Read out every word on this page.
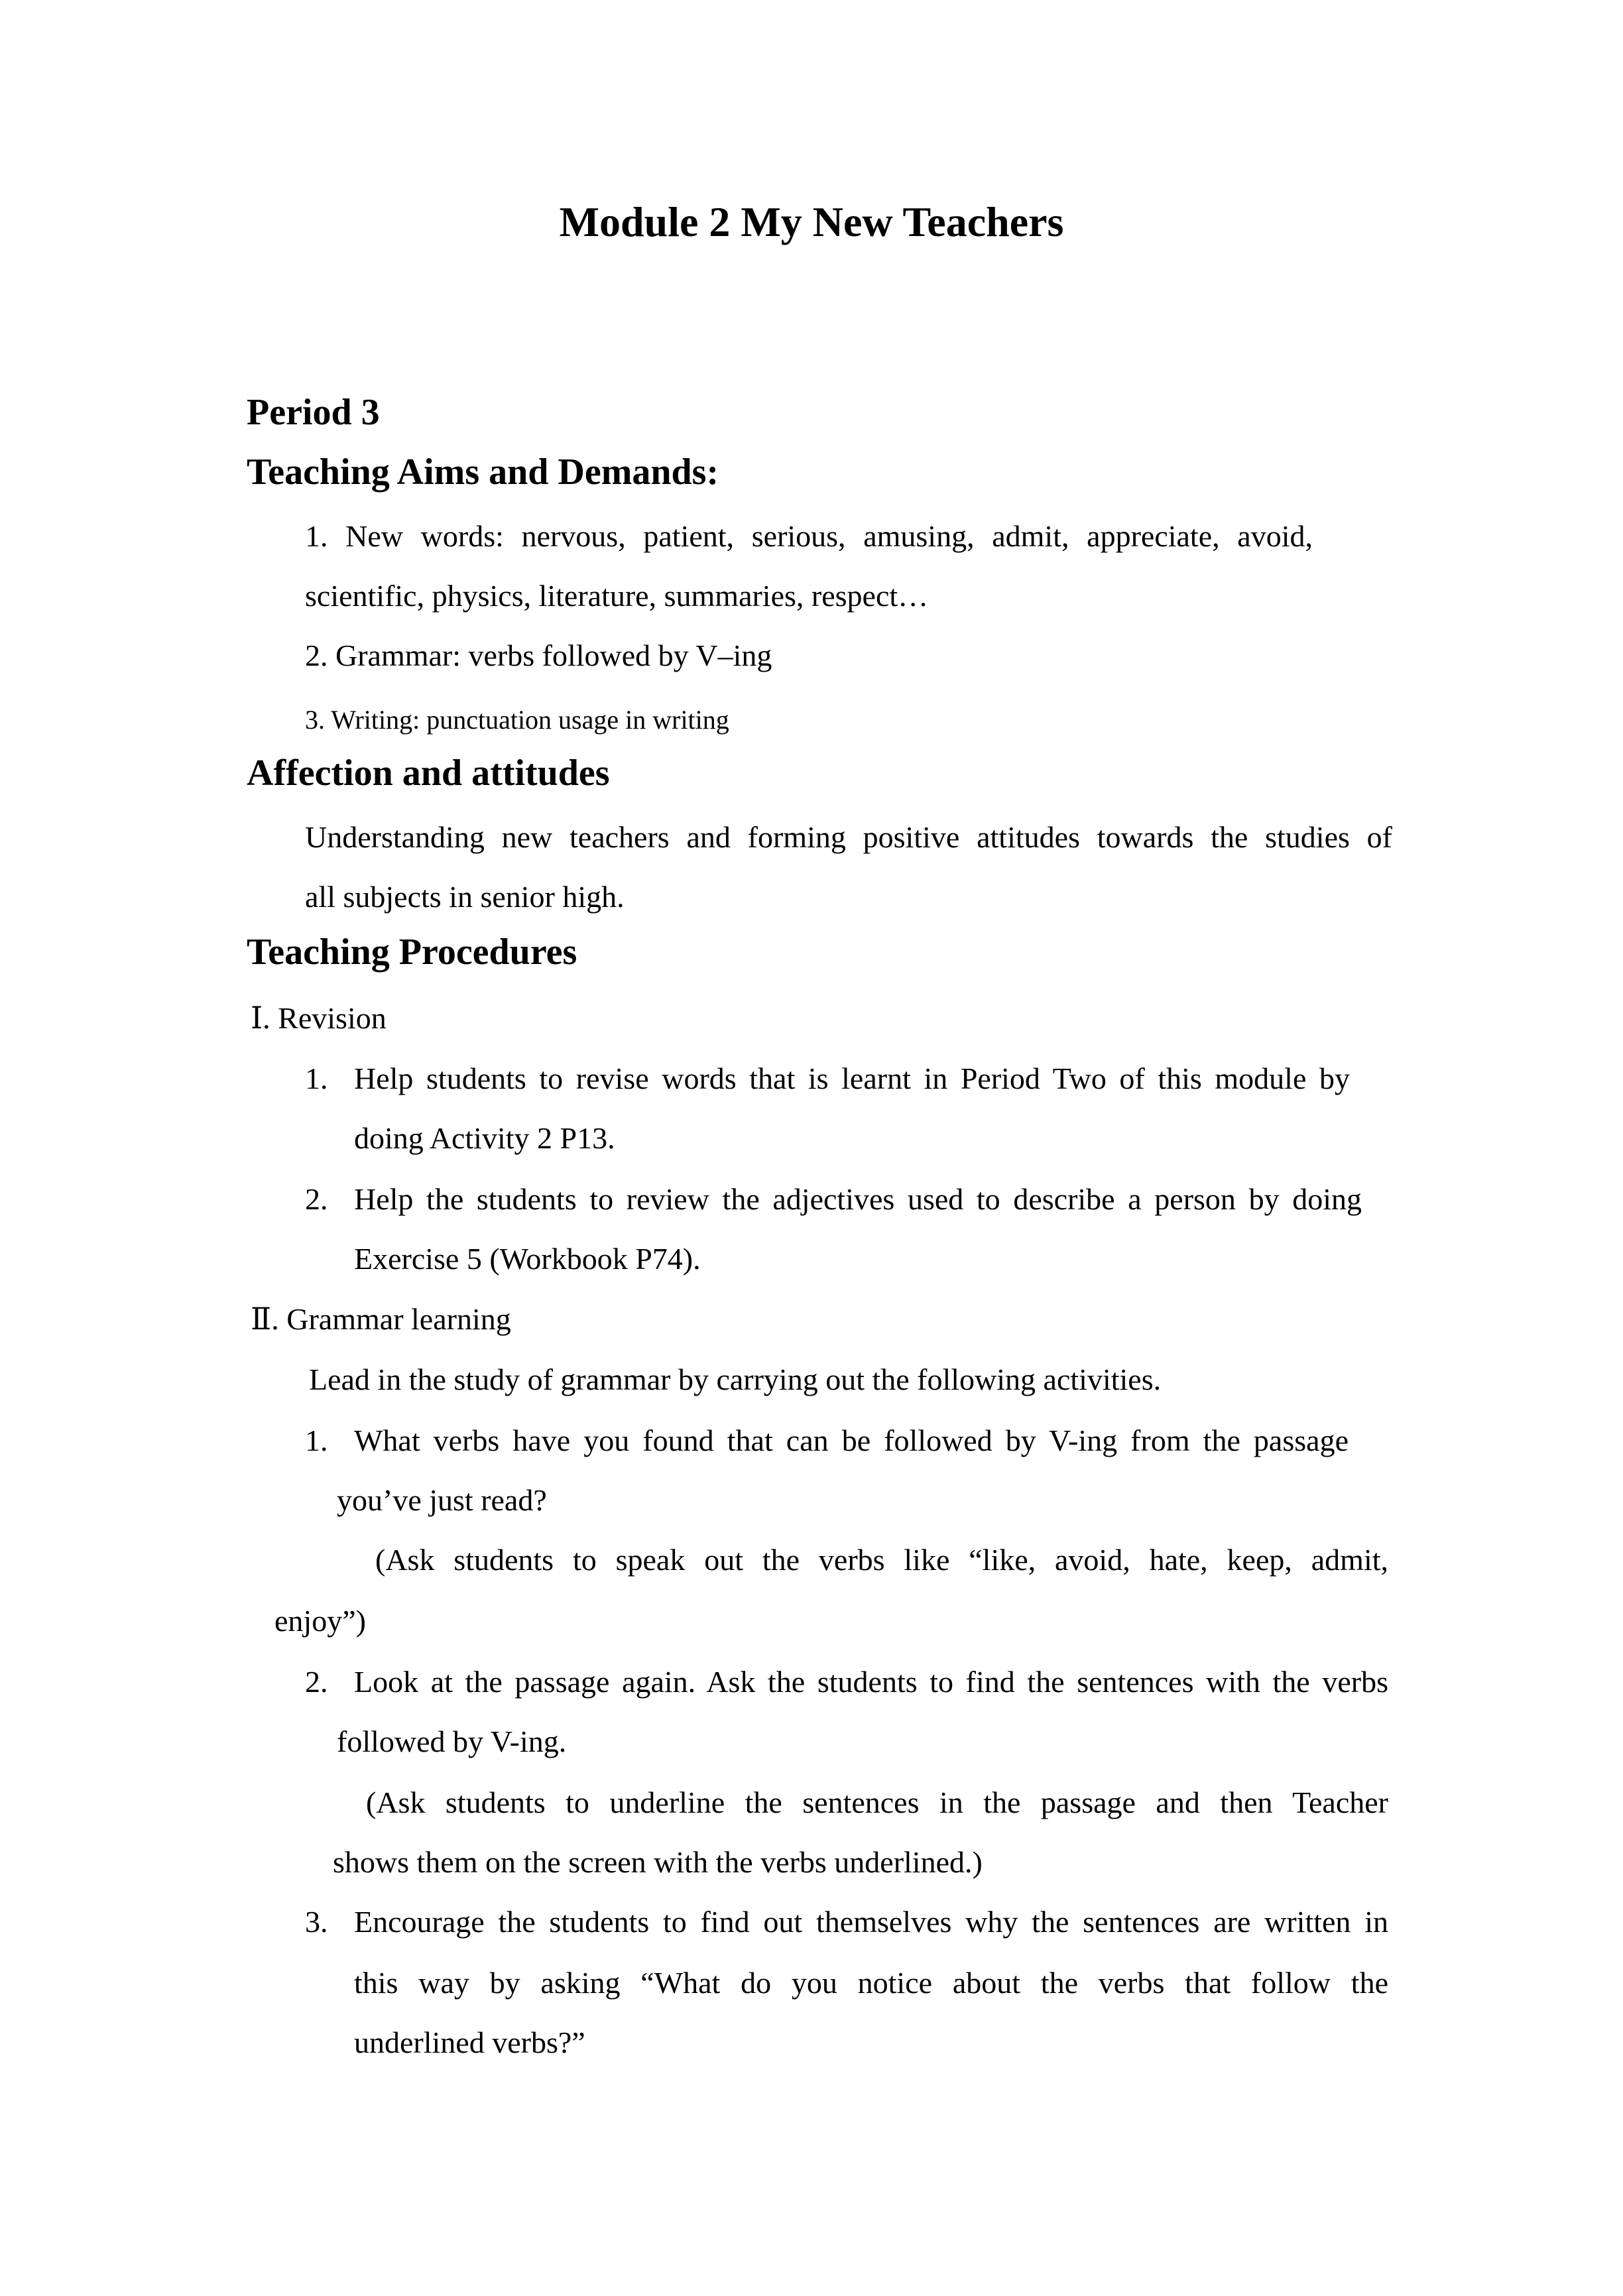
Module 2 My New Teachers
Period 3
Teaching Aims and Demands:

1. New words: nervous, patient, serious, amusing, admit, appreciate, avoid,

scientific, physics, literature, summaries, respect…

2. Grammar: verbs followed by V–ing

3. Writing: punctuation usage in writing

Affection and attitudes

Understanding new teachers and forming positive attitudes towards the studies of

all subjects in senior high.

Teaching Procedures

Ⅰ. Revision

1. Help students to revise words that is learnt in Period Two of this module by

doing Activity 2 P13.

2. Help the students to review the adjectives used to describe a person by doing

Exercise 5 (Workbook P74).

Ⅱ. Grammar learning

Lead in the study of grammar by carrying out the following activities.

1. What verbs have you found that can be followed by V-ing from the passage

you’ve just read?

(Ask students to speak out the verbs like “like, avoid, hate, keep, admit,

enjoy”)

2. Look at the passage again. Ask the students to find the sentences with the verbs

followed by V-ing.

(Ask students to underline the sentences in the passage and then Teacher

shows them on the screen with the verbs underlined.)

3. Encourage the students to find out themselves why the sentences are written in

this way by asking “What do you notice about the verbs that follow the

underlined verbs?”
